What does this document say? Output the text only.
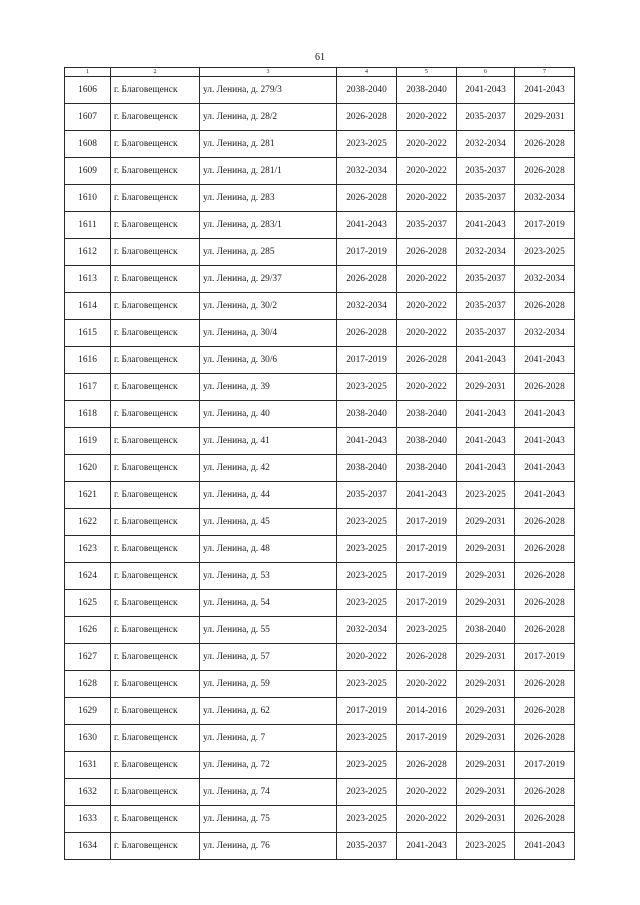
61
1	2	3	4	5	6	7
1606	г. Благовещенск	ул. Ленина, д. 279/3	2038-2040	2038-2040	2041-2043	2041-2043
1607	г. Благовещенск	ул. Ленина, д. 28/2	2026-2028	2020-2022	2035-2037	2029-2031
1608	г. Благовещенск	ул. Ленина, д. 281	2023-2025	2020-2022	2032-2034	2026-2028
1609	г. Благовещенск	ул. Ленина, д. 281/1	2032-2034	2020-2022	2035-2037	2026-2028
1610	г. Благовещенск	ул. Ленина, д. 283	2026-2028	2020-2022	2035-2037	2032-2034
1611	г. Благовещенск	ул. Ленина, д. 283/1	2041-2043	2035-2037	2041-2043	2017-2019
1612	г. Благовещенск	ул. Ленина, д. 285	2017-2019	2026-2028	2032-2034	2023-2025
1613	г. Благовещенск	ул. Ленина, д. 29/37	2026-2028	2020-2022	2035-2037	2032-2034
1614	г. Благовещенск	ул. Ленина, д. 30/2	2032-2034	2020-2022	2035-2037	2026-2028
1615	г. Благовещенск	ул. Ленина, д. 30/4	2026-2028	2020-2022	2035-2037	2032-2034
1616	г. Благовещенск	ул. Ленина, д. 30/6	2017-2019	2026-2028	2041-2043	2041-2043
1617	г. Благовещенск	ул. Ленина, д. 39	2023-2025	2020-2022	2029-2031	2026-2028
1618	г. Благовещенск	ул. Ленина, д. 40	2038-2040	2038-2040	2041-2043	2041-2043
1619	г. Благовещенск	ул. Ленина, д. 41	2041-2043	2038-2040	2041-2043	2041-2043
1620	г. Благовещенск	ул. Ленина, д. 42	2038-2040	2038-2040	2041-2043	2041-2043
1621	г. Благовещенск	ул. Ленина, д. 44	2035-2037	2041-2043	2023-2025	2041-2043
1622	г. Благовещенск	ул. Ленина, д. 45	2023-2025	2017-2019	2029-2031	2026-2028
1623	г. Благовещенск	ул. Ленина, д. 48	2023-2025	2017-2019	2029-2031	2026-2028
1624	г. Благовещенск	ул. Ленина, д. 53	2023-2025	2017-2019	2029-2031	2026-2028
1625	г. Благовещенск	ул. Ленина, д. 54	2023-2025	2017-2019	2029-2031	2026-2028
1626	г. Благовещенск	ул. Ленина, д. 55	2032-2034	2023-2025	2038-2040	2026-2028
1627	г. Благовещенск	ул. Ленина, д. 57	2020-2022	2026-2028	2029-2031	2017-2019
1628	г. Благовещенск	ул. Ленина, д. 59	2023-2025	2020-2022	2029-2031	2026-2028
1629	г. Благовещенск	ул. Ленина, д. 62	2017-2019	2014-2016	2029-2031	2026-2028
1630	г. Благовещенск	ул. Ленина, д. 7	2023-2025	2017-2019	2029-2031	2026-2028
1631	г. Благовещенск	ул. Ленина, д. 72	2023-2025	2026-2028	2029-2031	2017-2019
1632	г. Благовещенск	ул. Ленина, д. 74	2023-2025	2020-2022	2029-2031	2026-2028
1633	г. Благовещенск	ул. Ленина, д. 75	2023-2025	2020-2022	2029-2031	2026-2028
1634	г. Благовещенск	ул. Ленина, д. 76	2035-2037	2041-2043	2023-2025	2041-2043
